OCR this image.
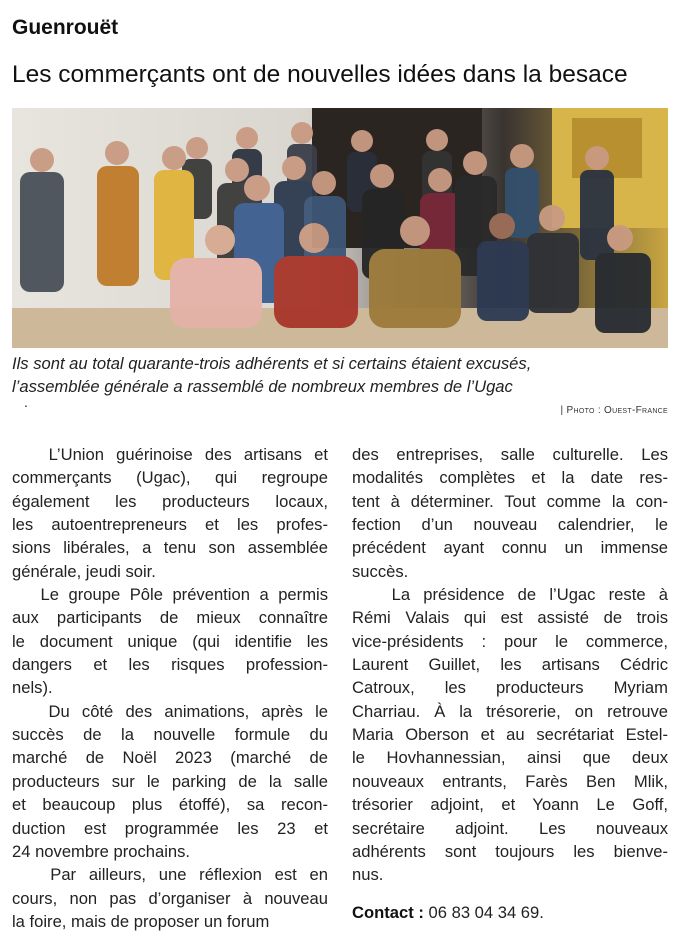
Guenrouët
Les commerçants ont de nouvelles idées dans la besace
Ils sont au total quarante-trois adhérents et si certains étaient excusés,
l’assemblée générale a rassemblé de nombreux membres de l’Ugac
.
| Photo : Ouest-France

L’Union guérinoise des artisans et
commerçants (Ugac), qui regroupe
également les producteurs locaux,
les autoentrepreneurs et les profes-
sions libérales, a tenu son assemblée
générale, jeudi soir.

Le groupe Pôle prévention a permis
aux participants de mieux connaître
le document unique (qui identifie les
dangers et les risques profession-
nels).

Du côté des animations, après le
succès de la nouvelle formule du
marché de Noël 2023 (marché de
producteurs sur le parking de la salle
et beaucoup plus étoffé), sa recon-
duction est programmée les 23 et
24 novembre prochains.

Par ailleurs, une réflexion est en
cours, non pas d’organiser à nouveau
la foire, mais de proposer un forum

des entreprises, salle culturelle. Les
modalités complètes et la date res-
tent à déterminer. Tout comme la con-
fection d’un nouveau calendrier, le
précédent ayant connu un immense
succès.

La présidence de l’Ugac reste à
Rémi Valais qui est assisté de trois
vice-présidents : pour le commerce,
Laurent Guillet, les artisans Cédric
Catroux, les producteurs Myriam
Charriau. À la trésorerie, on retrouve
Maria Oberson et au secrétariat Estel-
le Hovhannessian, ainsi que deux
nouveaux entrants, Farès Ben Mlik,
trésorier adjoint, et Yoann Le Goff,
secrétaire adjoint. Les nouveaux
adhérents sont toujours les bienve-
nus.

Contact : 06 83 04 34 69.
